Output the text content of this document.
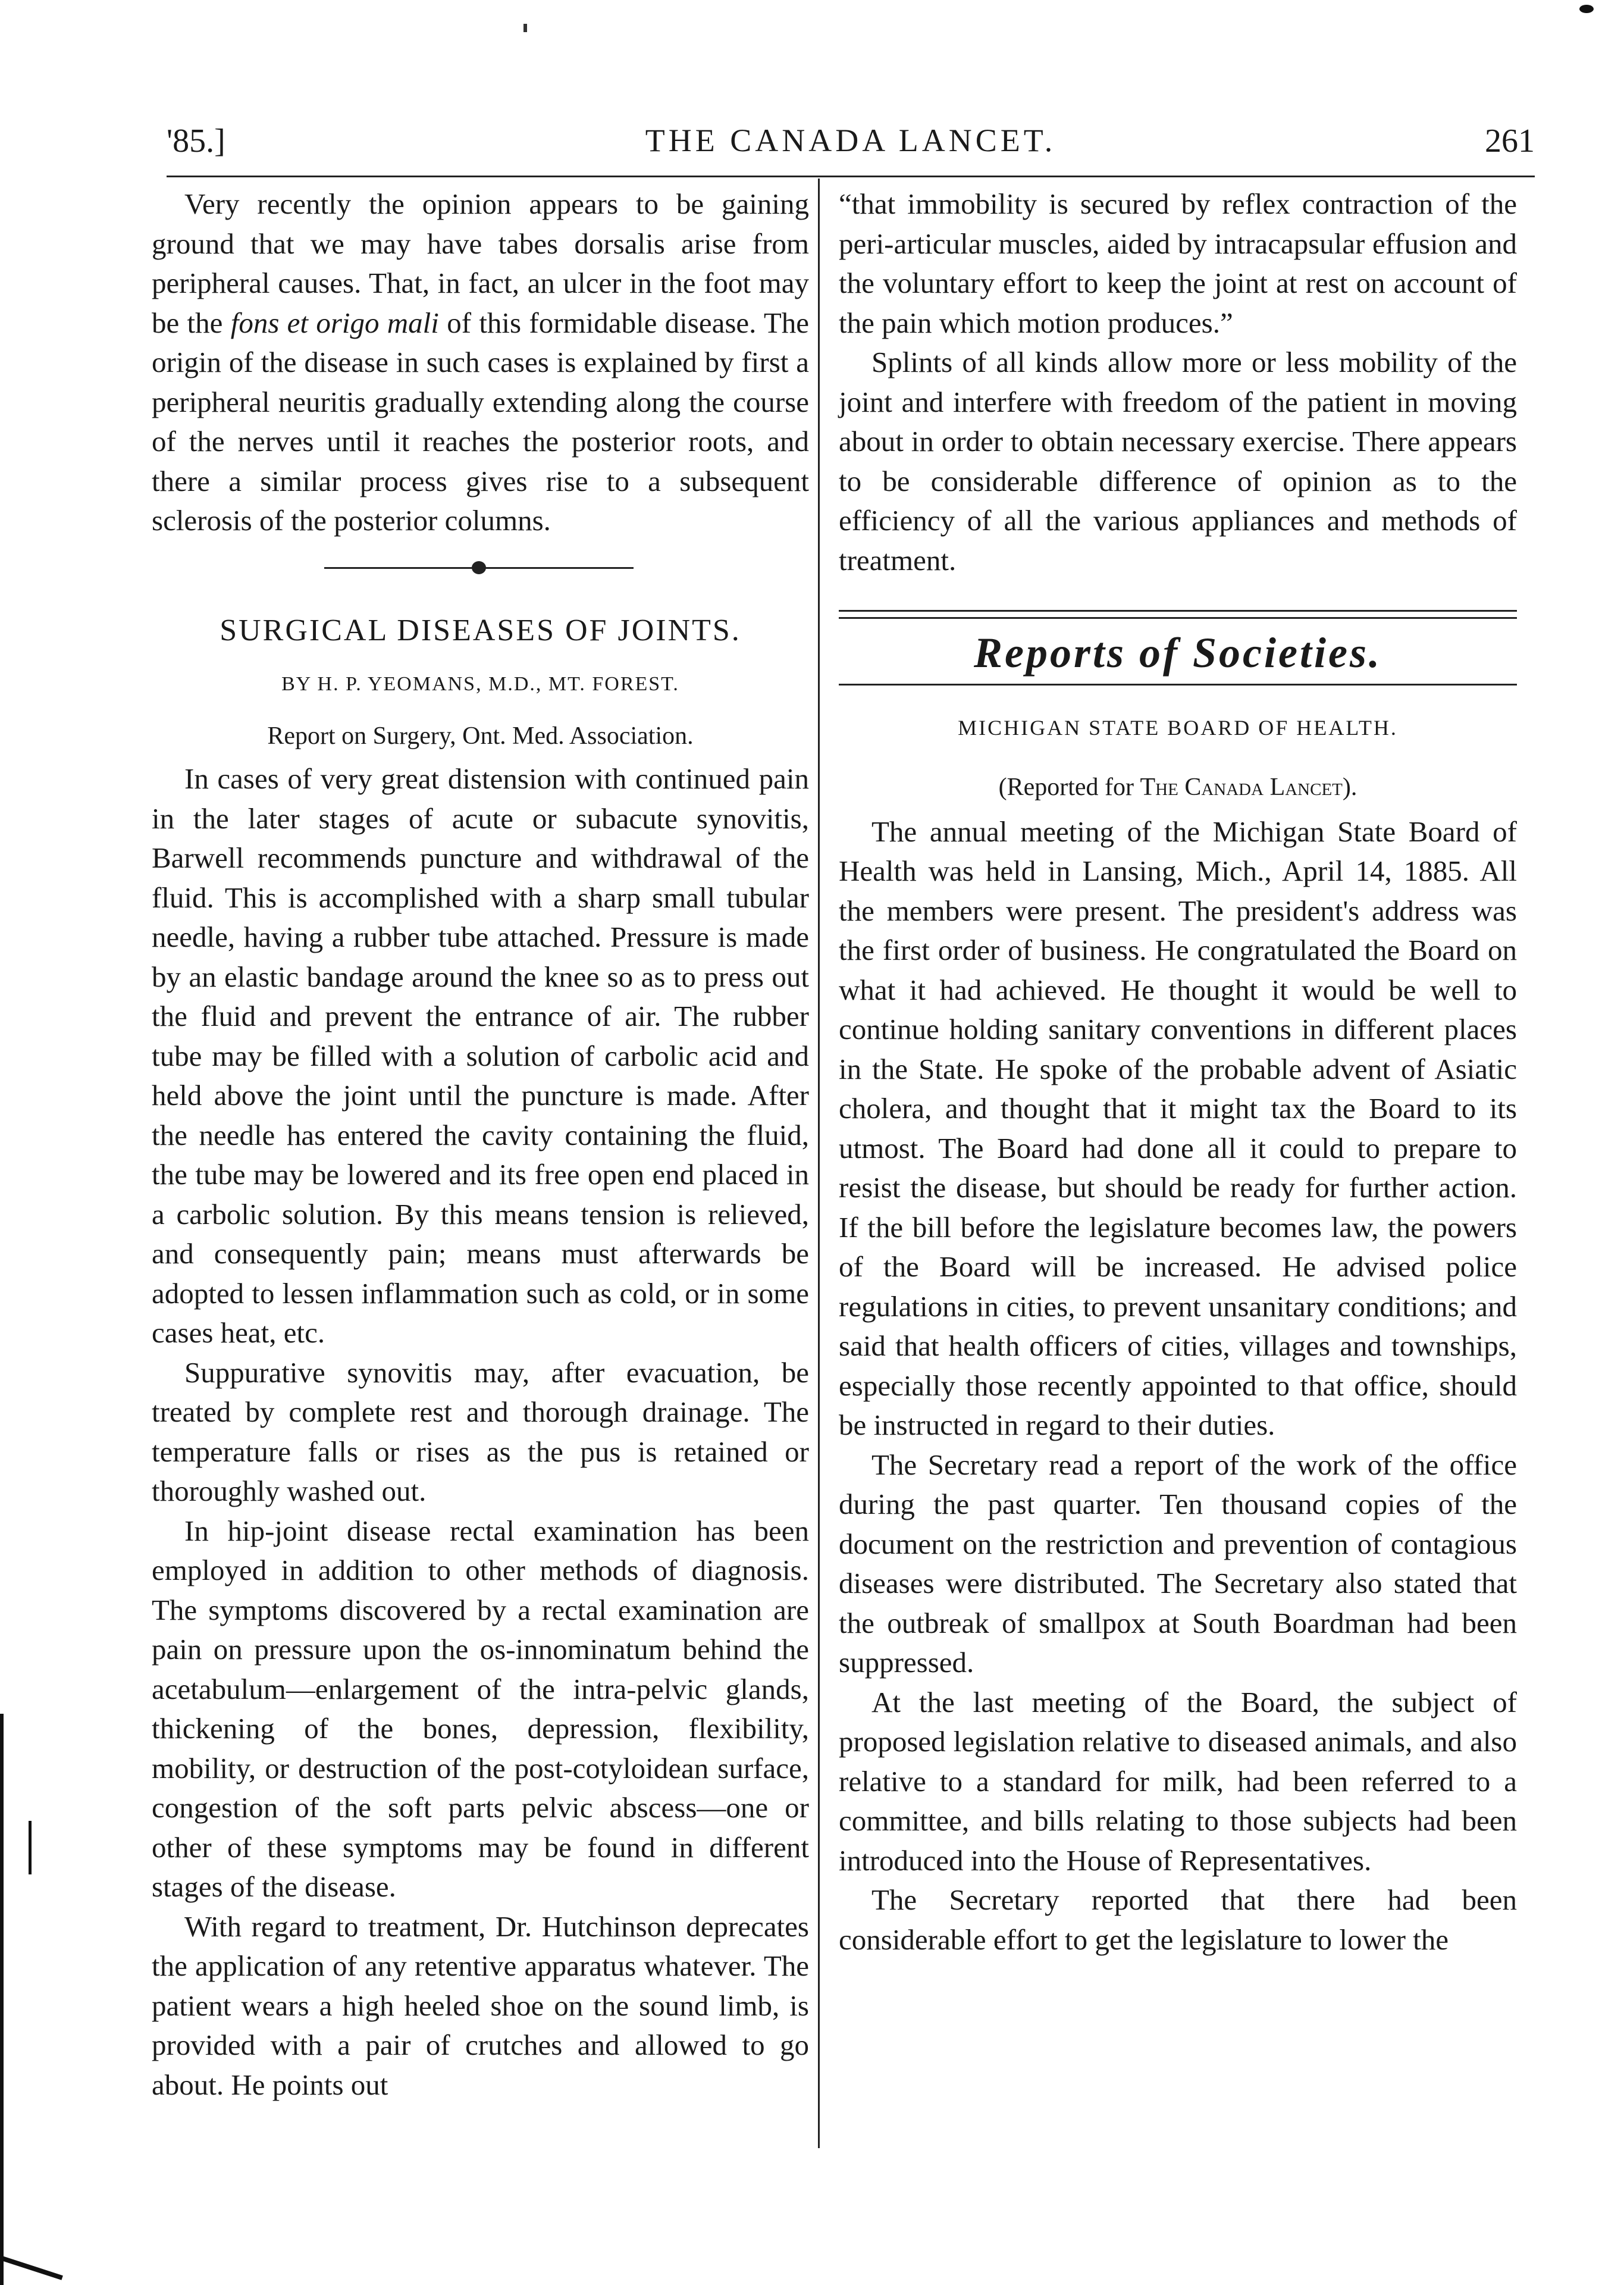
'85.]	THE CANADA LANCET.	261

Very recently the opinion appears to be gaining ground that we may have tabes dorsalis arise from peripheral causes. That, in fact, an ulcer in the foot may be the fons et origo mali of this formidable disease. The origin of the disease in such cases is explained by first a peripheral neuritis gradually extending along the course of the nerves until it reaches the posterior roots, and there a similar process gives rise to a subsequent sclerosis of the posterior columns.

SURGICAL DISEASES OF JOINTS.
BY H. P. YEOMANS, M.D., MT. FOREST.
Report on Surgery, Ont. Med. Association.

In cases of very great distension with continued pain in the later stages of acute or subacute synovitis, Barwell recommends puncture and withdrawal of the fluid. This is accomplished with a sharp small tubular needle, having a rubber tube attached. Pressure is made by an elastic bandage around the knee so as to press out the fluid and prevent the entrance of air. The rubber tube may be filled with a solution of carbolic acid and held above the joint until the puncture is made. After the needle has entered the cavity containing the fluid, the tube may be lowered and its free open end placed in a carbolic solution. By this means tension is relieved, and consequently pain; means must afterwards be adopted to lessen inflammation such as cold, or in some cases heat, etc.

Suppurative synovitis may, after evacuation, be treated by complete rest and thorough drainage. The temperature falls or rises as the pus is retained or thoroughly washed out.

In hip-joint disease rectal examination has been employed in addition to other methods of diagnosis. The symptoms discovered by a rectal examination are pain on pressure upon the os-innominatum behind the acetabulum—enlargement of the intra-pelvic glands, thickening of the bones, depression, flexibility, mobility, or destruction of the post-cotyloidean surface, congestion of the soft parts pelvic abscess—one or other of these symptoms may be found in different stages of the disease.

With regard to treatment, Dr. Hutchinson deprecates the application of any retentive apparatus whatever. The patient wears a high heeled shoe on the sound limb, is provided with a pair of crutches and allowed to go about. He points out

“that immobility is secured by reflex contraction of the peri-articular muscles, aided by intracapsular effusion and the voluntary effort to keep the joint at rest on account of the pain which motion produces.”

Splints of all kinds allow more or less mobility of the joint and interfere with freedom of the patient in moving about in order to obtain necessary exercise. There appears to be considerable difference of opinion as to the efficiency of all the various appliances and methods of treatment.

Reports of Societies.
MICHIGAN STATE BOARD OF HEALTH.
(Reported for The Canada Lancet).

The annual meeting of the Michigan State Board of Health was held in Lansing, Mich., April 14, 1885. All the members were present. The president's address was the first order of business. He congratulated the Board on what it had achieved. He thought it would be well to continue holding sanitary conventions in different places in the State. He spoke of the probable advent of Asiatic cholera, and thought that it might tax the Board to its utmost. The Board had done all it could to prepare to resist the disease, but should be ready for further action. If the bill before the legislature becomes law, the powers of the Board will be increased. He advised police regulations in cities, to prevent unsanitary conditions; and said that health officers of cities, villages and townships, especially those recently appointed to that office, should be instructed in regard to their duties.

The Secretary read a report of the work of the office during the past quarter. Ten thousand copies of the document on the restriction and prevention of contagious diseases were distributed. The Secretary also stated that the outbreak of smallpox at South Boardman had been suppressed.

At the last meeting of the Board, the subject of proposed legislation relative to diseased animals, and also relative to a standard for milk, had been referred to a committee, and bills relating to those subjects had been introduced into the House of Representatives.

The Secretary reported that there had been considerable effort to get the legislature to lower the
